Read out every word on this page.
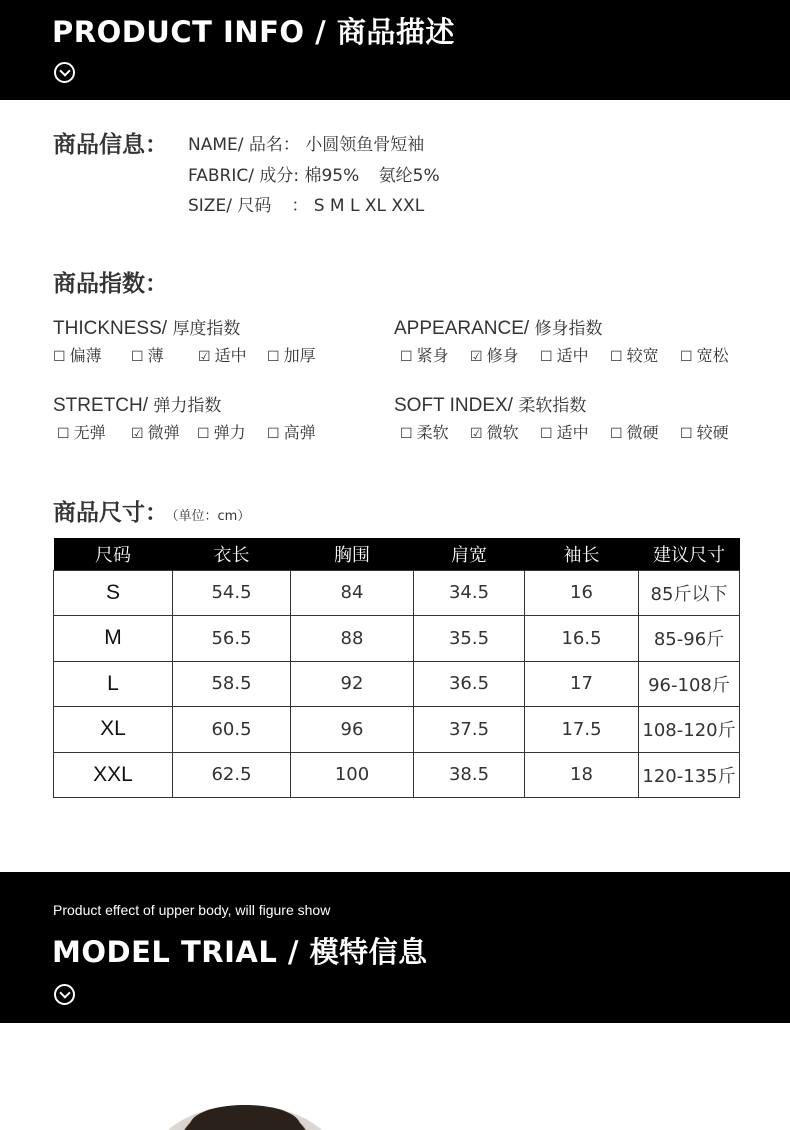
PRODUCT INFO / 商品描述
商品信息： NAME/ 品名： 小圆领鱼骨短袖
FABRIC/ 成分: 棉95% 氨纶5%
SIZE/ 尺码 ： S M L XL XXL
商品指数：
THICKNESS/ 厚度指数
☐ 偏薄 ☐ 薄 ☑ 适中 ☐ 加厚
APPEARANCE/ 修身指数
☐ 紧身 ☑ 修身 ☐ 适中 ☐ 较宽 ☐ 宽松
STRETCH/ 弹力指数
☐ 无弹 ☑ 微弹 ☐ 弹力 ☐ 高弹
SOFT INDEX/ 柔软指数
☐ 柔软 ☑ 微软 ☐ 适中 ☐ 微硬 ☐ 较硬
商品尺寸： （单位：cm）
尺码	衣长	胸围	肩宽	袖长	建议尺寸
S	54.5	84	34.5	16	85斤以下
M	56.5	88	35.5	16.5	85-96斤
L	58.5	92	36.5	17	96-108斤
XL	60.5	96	37.5	17.5	108-120斤
XXL	62.5	100	38.5	18	120-135斤
Product effect of upper body, will figure show
MODEL TRIAL / 模特信息
